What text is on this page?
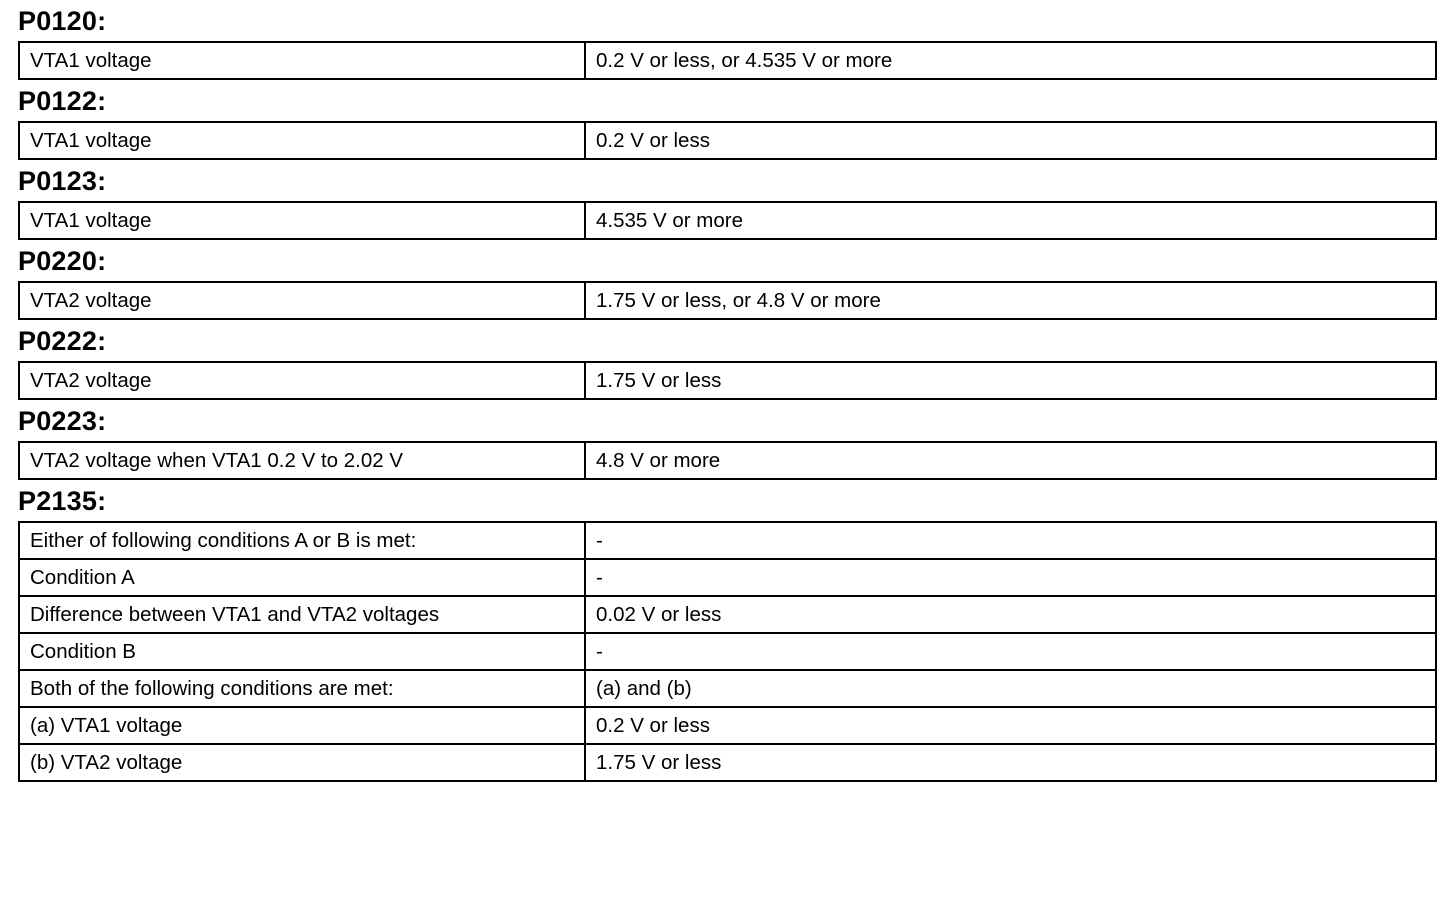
P0120:
VTA1 voltage	0.2 V or less, or 4.535 V or more
P0122:
VTA1 voltage	0.2 V or less
P0123:
VTA1 voltage	4.535 V or more
P0220:
VTA2 voltage	1.75 V or less, or 4.8 V or more
P0222:
VTA2 voltage	1.75 V or less
P0223:
VTA2 voltage when VTA1 0.2 V to 2.02 V	4.8 V or more
P2135:
Either of following conditions A or B is met:	-
Condition A	-
Difference between VTA1 and VTA2 voltages	0.02 V or less
Condition B	-
Both of the following conditions are met:	(a) and (b)
(a) VTA1 voltage	0.2 V or less
(b) VTA2 voltage	1.75 V or less
